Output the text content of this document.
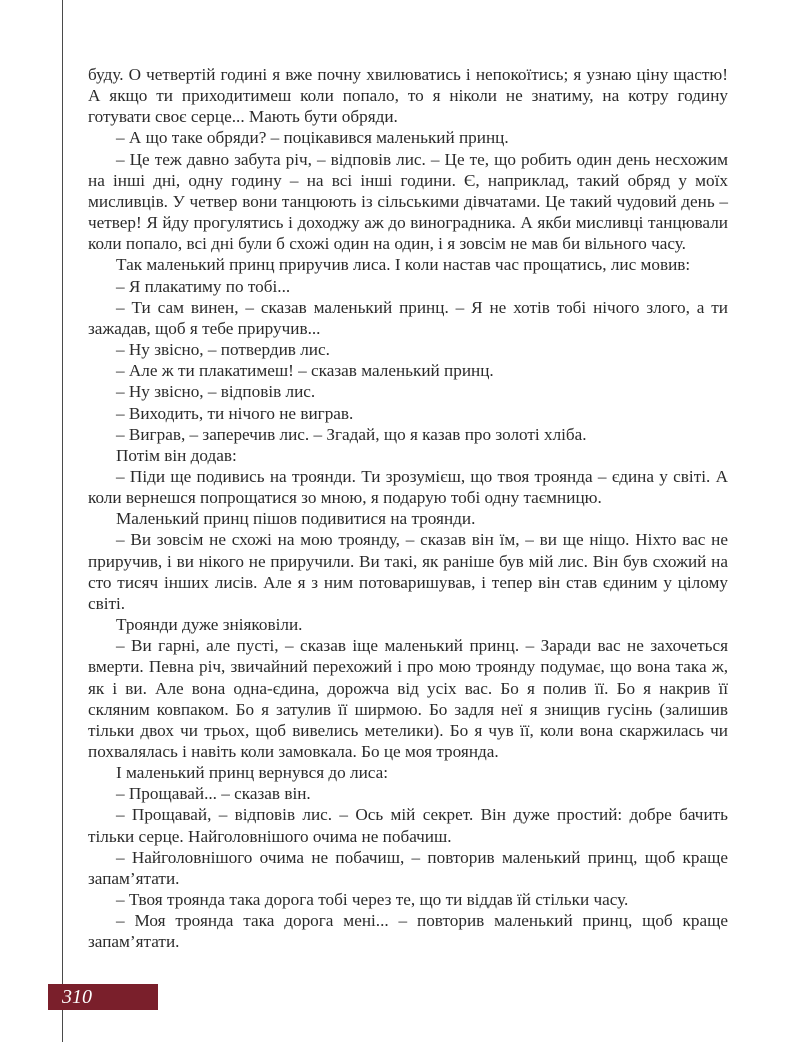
буду. О четвертій годині я вже почну хвилюватись і непокоїтись; я узнаю ціну щастю! А якщо ти приходитимеш коли попало, то я ніколи не знатиму, на котру годину готувати своє серце... Мають бути обряди.

– А що таке обряди? – поцікавився маленький принц.

– Це теж давно забута річ, – відповів лис. – Це те, що робить один день несхожим на інші дні, одну годину – на всі інші години. Є, наприклад, такий обряд у моїх мисливців. У четвер вони танцюють із сільськими дівчатами. Це такий чудовий день – четвер! Я йду прогулятись і доходжу аж до виноградника. А якби мисливці танцювали коли попало, всі дні були б схожі один на один, і я зовсім не мав би вільного часу.

Так маленький принц приручив лиса. І коли настав час прощатись, лис мовив:

– Я плакатиму по тобі...

– Ти сам винен, – сказав маленький принц. – Я не хотів тобі нічого злого, а ти зажадав, щоб я тебе приручив...

– Ну звісно, – потвердив лис.

– Але ж ти плакатимеш! – сказав маленький принц.

– Ну звісно, – відповів лис.

– Виходить, ти нічого не виграв.

– Виграв, – заперечив лис. – Згадай, що я казав про золоті хліба.

Потім він додав:

– Піди ще подивись на троянди. Ти зрозумієш, що твоя троянда – єдина у світі. А коли вернешся попрощатися зо мною, я подарую тобі одну таємницю.

Маленький принц пішов подивитися на троянди.

– Ви зовсім не схожі на мою троянду, – сказав він їм, – ви ще ніщо. Ніхто вас не приручив, і ви нікого не приручили. Ви такі, як раніше був мій лис. Він був схожий на сто тисяч інших лисів. Але я з ним потоваришував, і тепер він став єдиним у цілому світі.

Троянди дуже зніяковіли.

– Ви гарні, але пусті, – сказав іще маленький принц. – Заради вас не захочеться вмерти. Певна річ, звичайний перехожий і про мою троянду подумає, що вона така ж, як і ви. Але вона одна-єдина, дорожча від усіх вас. Бо я полив її. Бо я накрив її скляним ковпаком. Бо я затулив її ширмою. Бо задля неї я знищив гусінь (залишив тільки двох чи трьох, щоб вивелись метелики). Бо я чув її, коли вона скаржилась чи похвалялась і навіть коли замовкала. Бо це моя троянда.

І маленький принц вернувся до лиса:

– Прощавай... – сказав він.

– Прощавай, – відповів лис. – Ось мій секрет. Він дуже простий: добре бачить тільки серце. Найголовнішого очима не побачиш.

– Найголовнішого очима не побачиш, – повторив маленький принц, щоб краще запам’ятати.

– Твоя троянда така дорога тобі через те, що ти віддав їй стільки часу.

– Моя троянда така дорога мені... – повторив маленький принц, щоб краще запам’ятати.

310
